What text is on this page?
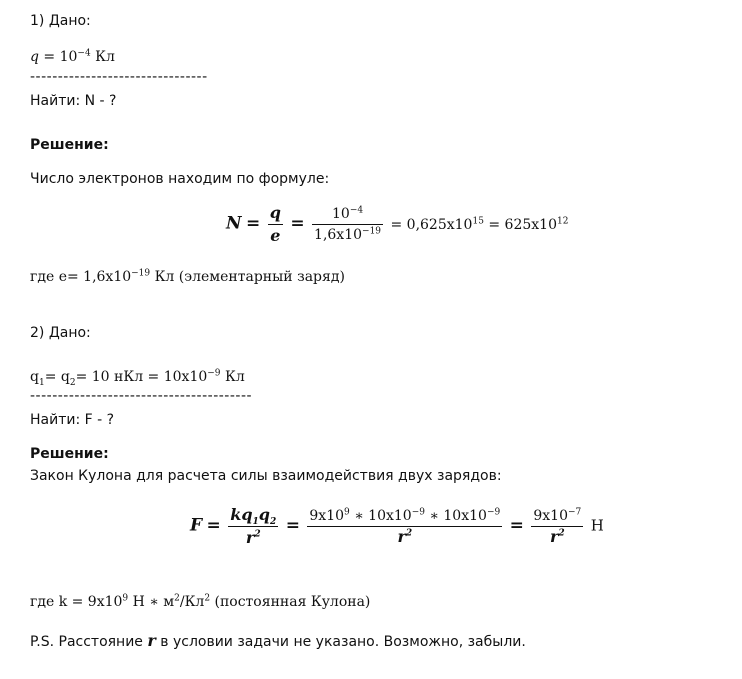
1) Дано:
$q = 10^{-4}$ Кл
--------------------------------
Найти: N - ?
Решение:
Число электронов находим по формуле:
$N = \frac{q}{e} = \frac{10^{-4}}{1,6x10^{-19}} = 0,625x10^{15} = 625x10^{12}$
где $e= 1,6x10^{-19}$ Кл (элементарный заряд)
2) Дано:
$q_1= q_2= 10$ нКл = $10x10^{-9}$ Кл
----------------------------------------
Найти: F - ?
Решение:
Закон Кулона для расчета силы взаимодействия двух зарядов:
$F = \frac{kq_1q_2}{r^2} = \frac{9x10^9 ∗ 10x10^{-9} ∗ 10x10^{-9}}{r^2} = \frac{9x10^{-7}}{r^2}$ Н
где $k = 9x10^9$ Н ∗ $м^2/Кл^2$ (постоянная Кулона)
P.S. Расстояние r в условии задачи не указано. Возможно, забыли.
